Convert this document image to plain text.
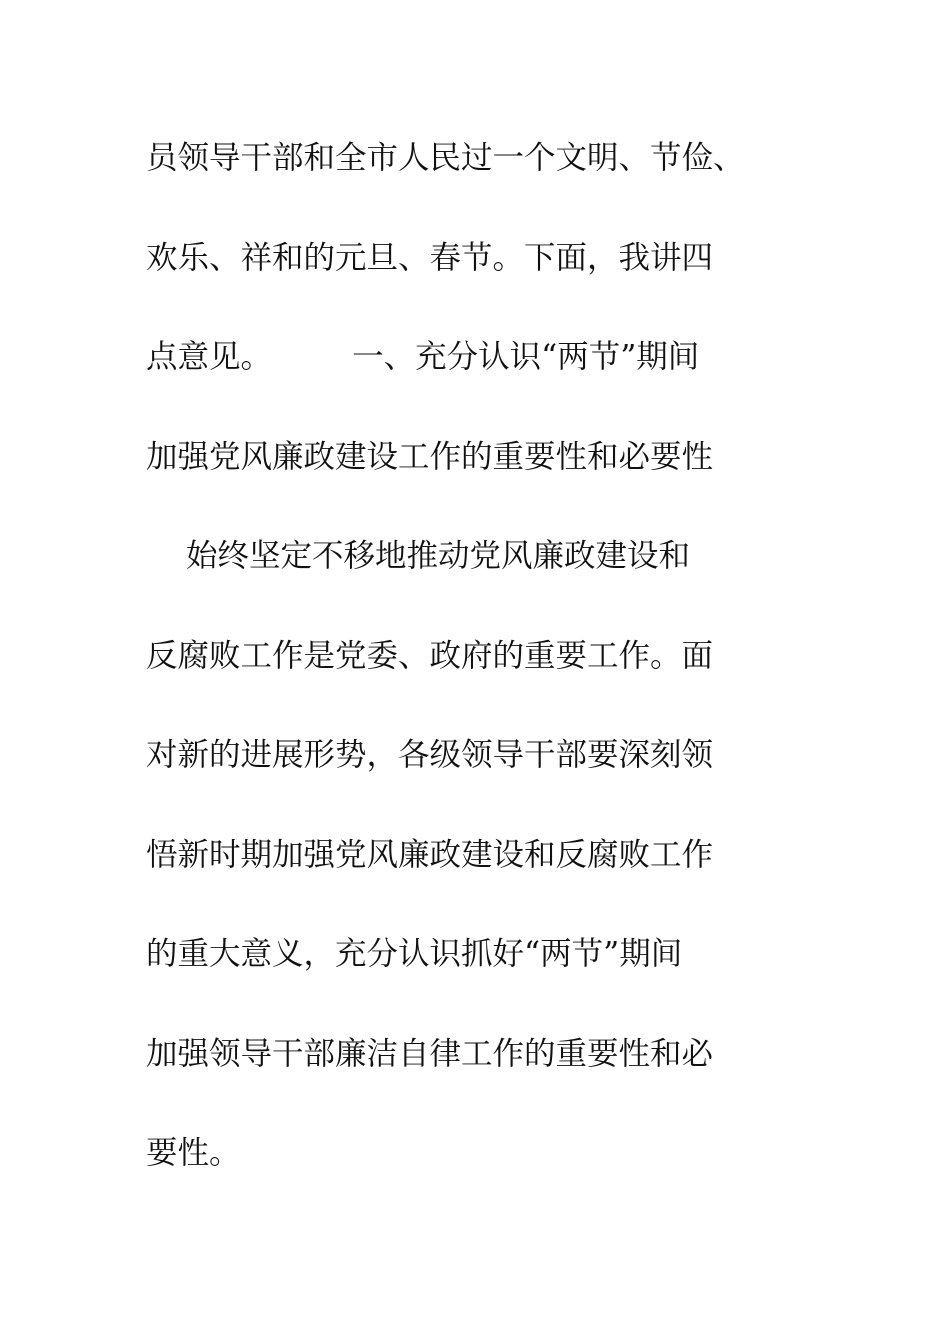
员领导干部和全市人民过一个文明、节俭、
欢乐、祥和的元旦、春节。下面，我讲四
点意见。        一、充分认识“两节”期间
加强党风廉政建设工作的重要性和必要性
始终坚定不移地推动党风廉政建设和
反腐败工作是党委、政府的重要工作。面
对新的进展形势，各级领导干部要深刻领
悟新时期加强党风廉政建设和反腐败工作
的重大意义，充分认识抓好“两节”期间
加强领导干部廉洁自律工作的重要性和必
要性。
